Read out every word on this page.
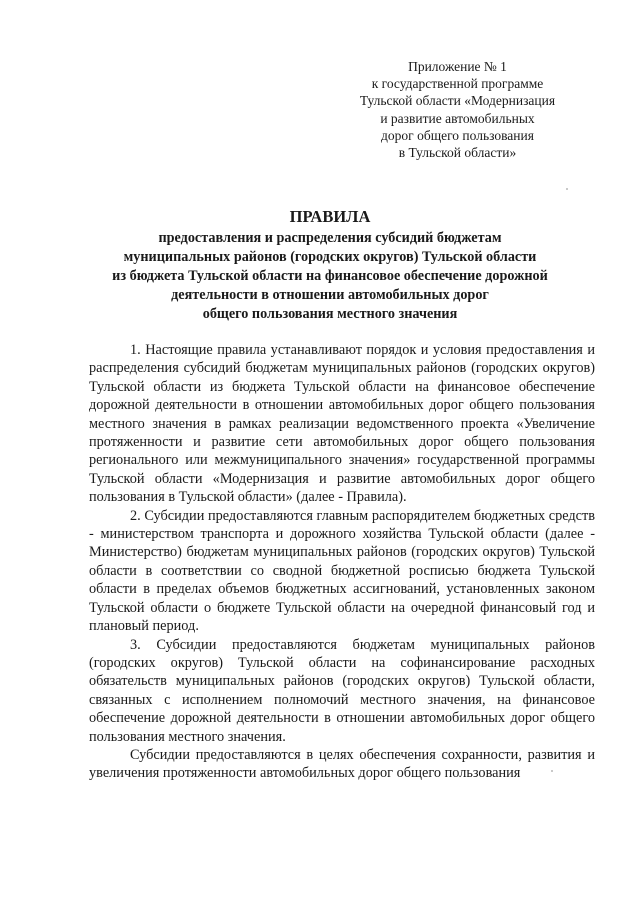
Приложение № 1
к государственной программе
Тульской области «Модернизация
и развитие автомобильных
дорог общего пользования
в Тульской области»
ПРАВИЛА
предоставления и распределения субсидий бюджетам
муниципальных районов (городских округов) Тульской области
из бюджета Тульской области на финансовое обеспечение дорожной
деятельности в отношении автомобильных дорог
общего пользования местного значения

1. Настоящие правила устанавливают порядок и условия предоставления и распределения субсидий бюджетам муниципальных районов (городских округов) Тульской области из бюджета Тульской области на финансовое обеспечение дорожной деятельности в отношении автомобильных дорог общего пользования местного значения в рамках реализации ведомственного проекта «Увеличение протяженности и развитие сети автомобильных дорог общего пользования регионального или межмуниципального значения» государственной программы Тульской области «Модернизация и развитие автомобильных дорог общего пользования в Тульской области» (далее - Правила).

2. Субсидии предоставляются главным распорядителем бюджетных средств - министерством транспорта и дорожного хозяйства Тульской области (далее - Министерство) бюджетам муниципальных районов (городских округов) Тульской области в соответствии со сводной бюджетной росписью бюджета Тульской области в пределах объемов бюджетных ассигнований, установленных законом Тульской области о бюджете Тульской области на очередной финансовый год и плановый период.

3. Субсидии предоставляются бюджетам муниципальных районов (городских округов) Тульской области на софинансирование расходных обязательств муниципальных районов (городских округов) Тульской области, связанных с исполнением полномочий местного значения, на финансовое обеспечение дорожной деятельности в отношении автомобильных дорог общего пользования местного значения.

Субсидии предоставляются в целях обеспечения сохранности, развития и увеличения протяженности автомобильных дорог общего пользования
